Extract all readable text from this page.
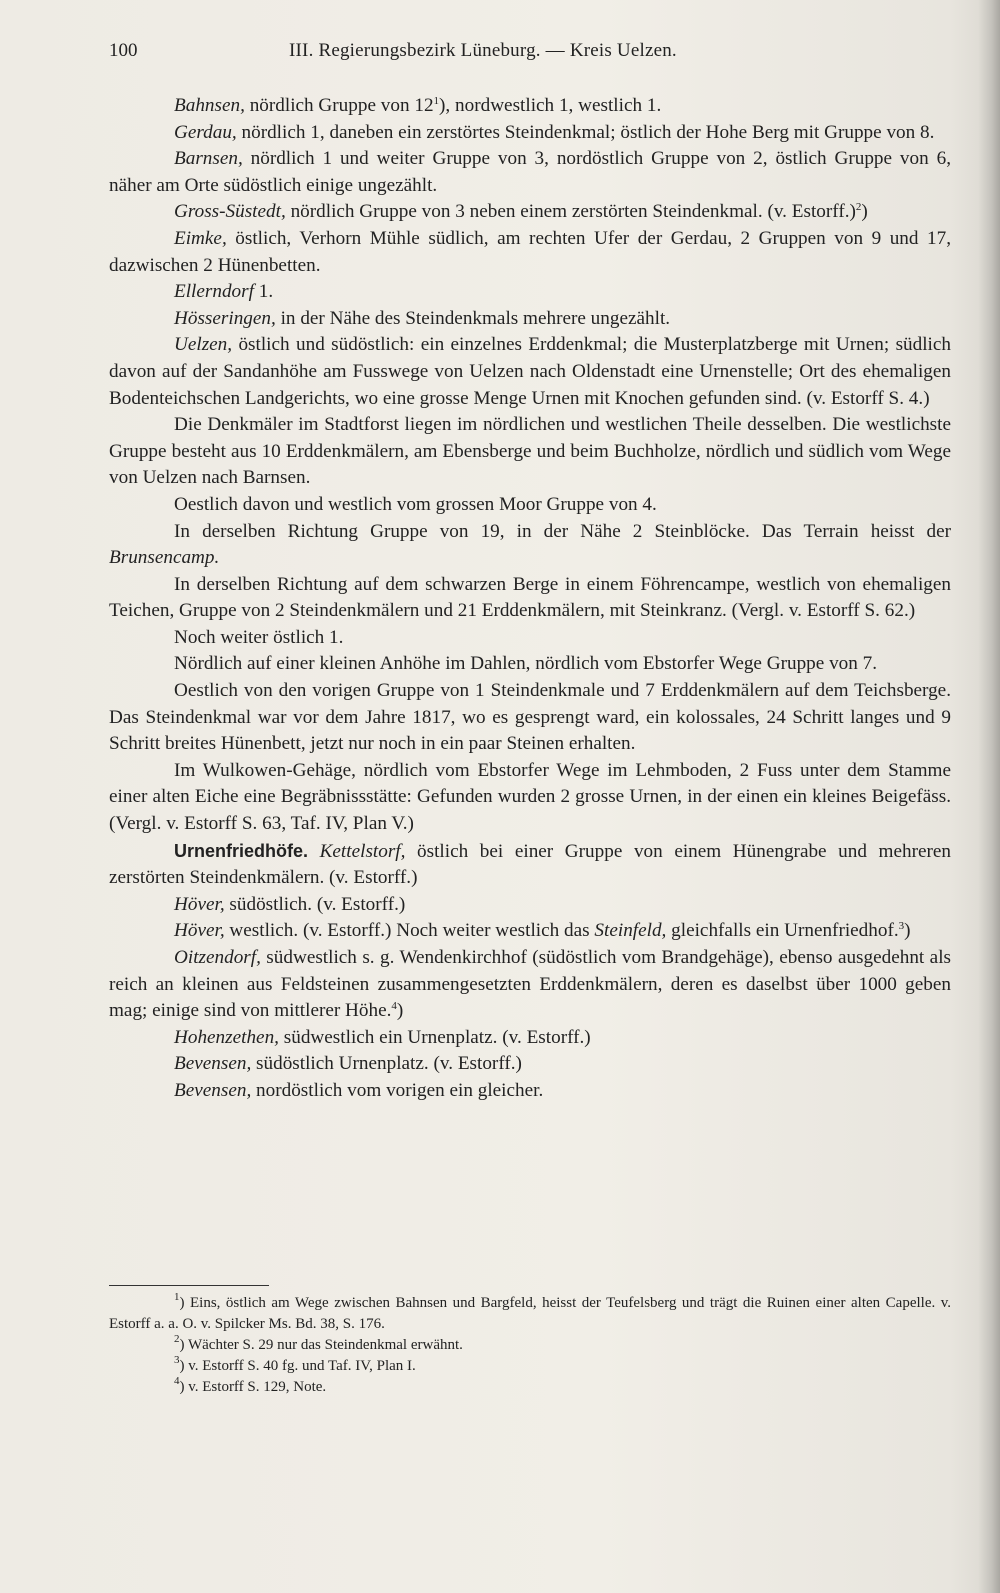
100	III. Regierungsbezirk Lüneburg. — Kreis Uelzen.

Bahnsen, nördlich Gruppe von $12^1$), nordwestlich 1, westlich 1.

Gerdau, nördlich 1, daneben ein zerstörtes Steindenkmal; östlich der Hohe Berg mit Gruppe von 8.

Barnsen, nördlich 1 und weiter Gruppe von 3, nordöstlich Gruppe von 2, östlich Gruppe von 6, näher am Orte südöstlich einige ungezählt.

Gross-Süstedt, nördlich Gruppe von 3 neben einem zerstörten Steindenkmal. (v. Estorff.)$^2$)

Eimke, östlich, Verhorn Mühle südlich, am rechten Ufer der Gerdau, 2 Gruppen von 9 und 17, dazwischen 2 Hünenbetten.

Ellerndorf 1.

Hösseringen, in der Nähe des Steindenkmals mehrere ungezählt.

Uelzen, östlich und südöstlich: ein einzelnes Erddenkmal; die Musterplatzberge mit Urnen; südlich davon auf der Sandanhöhe am Fusswege von Uelzen nach Oldenstadt eine Urnenstelle; Ort des ehemaligen Bodenteichschen Landgerichts, wo eine grosse Menge Urnen mit Knochen gefunden sind. (v. Estorff S. 4.)

Die Denkmäler im Stadtforst liegen im nördlichen und westlichen Theile desselben. Die westlichste Gruppe besteht aus 10 Erddenkmälern, am Ebensberge und beim Buchholze, nördlich und südlich vom Wege von Uelzen nach Barnsen.

Oestlich davon und westlich vom grossen Moor Gruppe von 4.

In derselben Richtung Gruppe von 19, in der Nähe 2 Steinblöcke. Das Terrain heisst der Brunsencamp.

In derselben Richtung auf dem schwarzen Berge in einem Föhrencampe, westlich von ehemaligen Teichen, Gruppe von 2 Steindenkmälern und 21 Erddenkmälern, mit Steinkranz. (Vergl. v. Estorff S. 62.)

Noch weiter östlich 1.

Nördlich auf einer kleinen Anhöhe im Dahlen, nördlich vom Ebstorfer Wege Gruppe von 7.

Oestlich von den vorigen Gruppe von 1 Steindenkmale und 7 Erddenkmälern auf dem Teichsberge. Das Steindenkmal war vor dem Jahre 1817, wo es gesprengt ward, ein kolossales, 24 Schritt langes und 9 Schritt breites Hünenbett, jetzt nur noch in ein paar Steinen erhalten.

Im Wulkowen-Gehäge, nördlich vom Ebstorfer Wege im Lehmboden, 2 Fuss unter dem Stamme einer alten Eiche eine Begräbnissstätte: Gefunden wurden 2 grosse Urnen, in der einen ein kleines Beigefäss. (Vergl. v. Estorff S. 63, Taf. IV, Plan V.)

Urnenfriedhöfe. Kettelstorf, östlich bei einer Gruppe von einem Hünengrabe und mehreren zerstörten Steindenkmälern. (v. Estorff.)

Höver, südöstlich. (v. Estorff.)

Höver, westlich. (v. Estorff.) Noch weiter westlich das Steinfeld, gleichfalls ein Urnenfriedhof.$^3$)

Oitzendorf, südwestlich s. g. Wendenkirchhof (südöstlich vom Brandgehäge), ebenso ausgedehnt als reich an kleinen aus Feldsteinen zusammengesetzten Erddenkmälern, deren es daselbst über 1000 geben mag; einige sind von mittlerer Höhe.$^4$)

Hohenzethen, südwestlich ein Urnenplatz. (v. Estorff.)

Bevensen, südöstlich Urnenplatz. (v. Estorff.)

Bevensen, nordöstlich vom vorigen ein gleicher.

$^1$) Eins, östlich am Wege zwischen Bahnsen und Bargfeld, heisst der Teufelsberg und trägt die Ruinen einer alten Capelle. v. Estorff a. a. O. v. Spilcker Ms. Bd. 38, S. 176.

$^2$) Wächter S. 29 nur das Steindenkmal erwähnt.

$^3$) v. Estorff S. 40 fg. und Taf. IV, Plan I.

$^4$) v. Estorff S. 129, Note.
